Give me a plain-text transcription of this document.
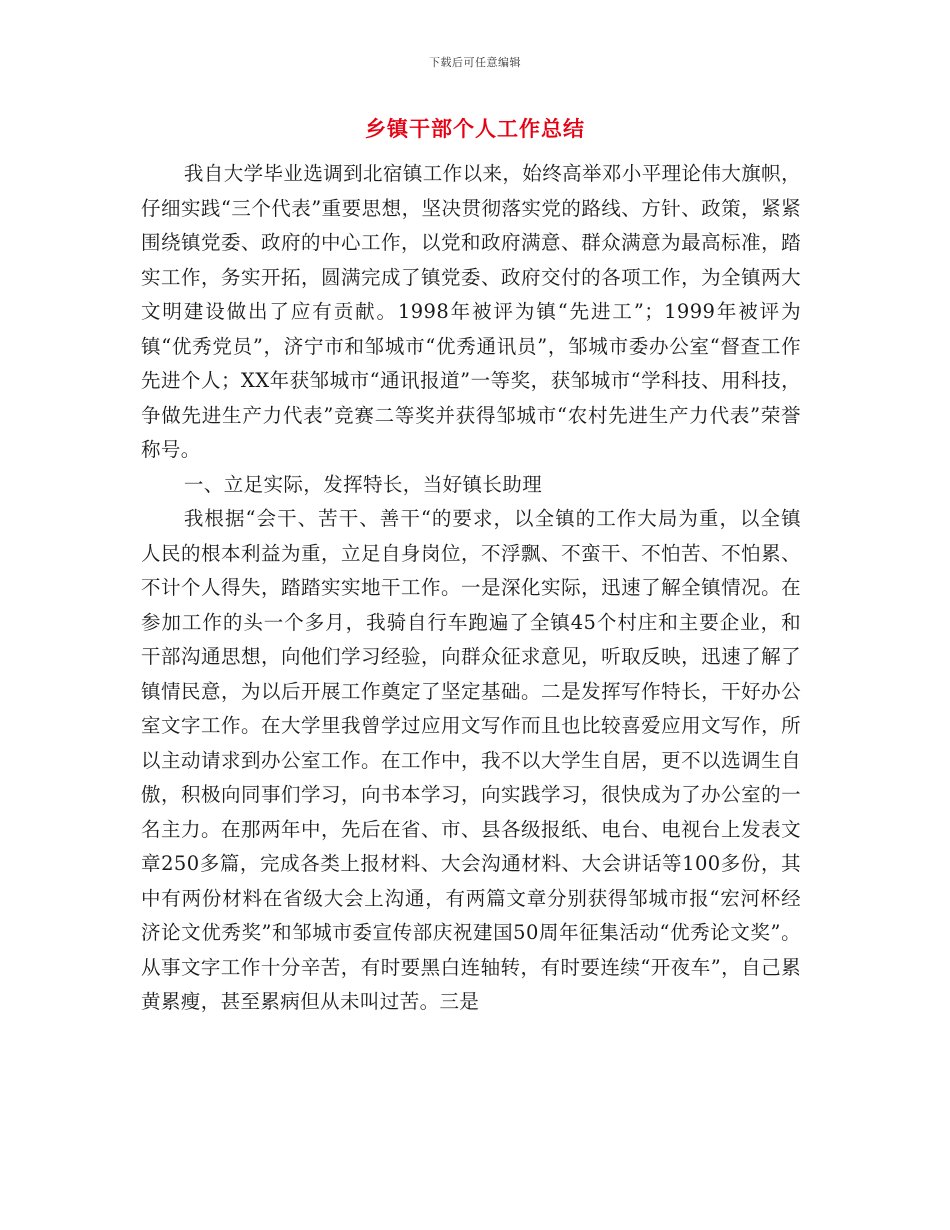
下载后可任意编辑
乡镇干部个人工作总结

我自大学毕业选调到北宿镇工作以来，始终高举邓小平理论伟大旗帜，仔细实践“三个代表”重要思想，坚决贯彻落实党的路线、方针、政策，紧紧围绕镇党委、政府的中心工作，以党和政府满意、群众满意为最高标准，踏实工作，务实开拓，圆满完成了镇党委、政府交付的各项工作，为全镇两大文明建设做出了应有贡献。1998年被评为镇“先进工”；1999年被评为镇“优秀党员”，济宁市和邹城市“优秀通讯员”，邹城市委办公室“督查工作先进个人；XX年获邹城市“通讯报道”一等奖，获邹城市“学科技、用科技，争做先进生产力代表”竞赛二等奖并获得邹城市“农村先进生产力代表”荣誉称号。

一、立足实际，发挥特长，当好镇长助理

我根据“会干、苦干、善干“的要求，以全镇的工作大局为重，以全镇人民的根本利益为重，立足自身岗位，不浮飘、不蛮干、不怕苦、不怕累、不计个人得失，踏踏实实地干工作。一是深化实际，迅速了解全镇情况。在参加工作的头一个多月，我骑自行车跑遍了全镇45个村庄和主要企业，和干部沟通思想，向他们学习经验，向群众征求意见，听取反映，迅速了解了镇情民意，为以后开展工作奠定了坚定基础。二是发挥写作特长，干好办公室文字工作。在大学里我曾学过应用文写作而且也比较喜爱应用文写作，所以主动请求到办公室工作。在工作中，我不以大学生自居，更不以选调生自傲，积极向同事们学习，向书本学习，向实践学习，很快成为了办公室的一名主力。在那两年中，先后在省、市、县各级报纸、电台、电视台上发表文章250多篇，完成各类上报材料、大会沟通材料、大会讲话等100多份，其中有两份材料在省级大会上沟通，有两篇文章分别获得邹城市报“宏河杯经济论文优秀奖”和邹城市委宣传部庆祝建国50周年征集活动“优秀论文奖”。从事文字工作十分辛苦，有时要黑白连轴转，有时要连续“开夜车”，自己累黄累瘦，甚至累病但从未叫过苦。三是
